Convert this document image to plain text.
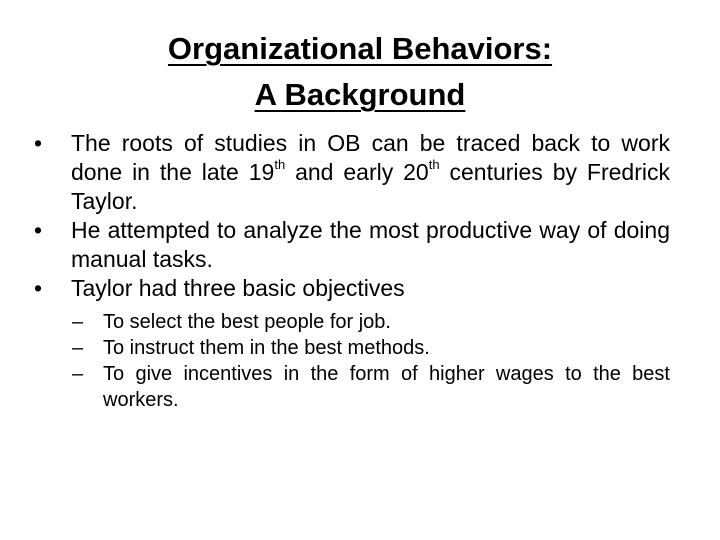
Organizational Behaviors:
A Background

•	The roots of studies in OB can be traced back to work done in the late 19th and early 20th centuries by Fredrick Taylor.

•	He attempted to analyze the most productive way of doing manual tasks.

•	Taylor had three basic objectives

– To select the best people for job.

– To instruct them in the best methods.

– To give incentives in the form of higher wages to the best workers.
